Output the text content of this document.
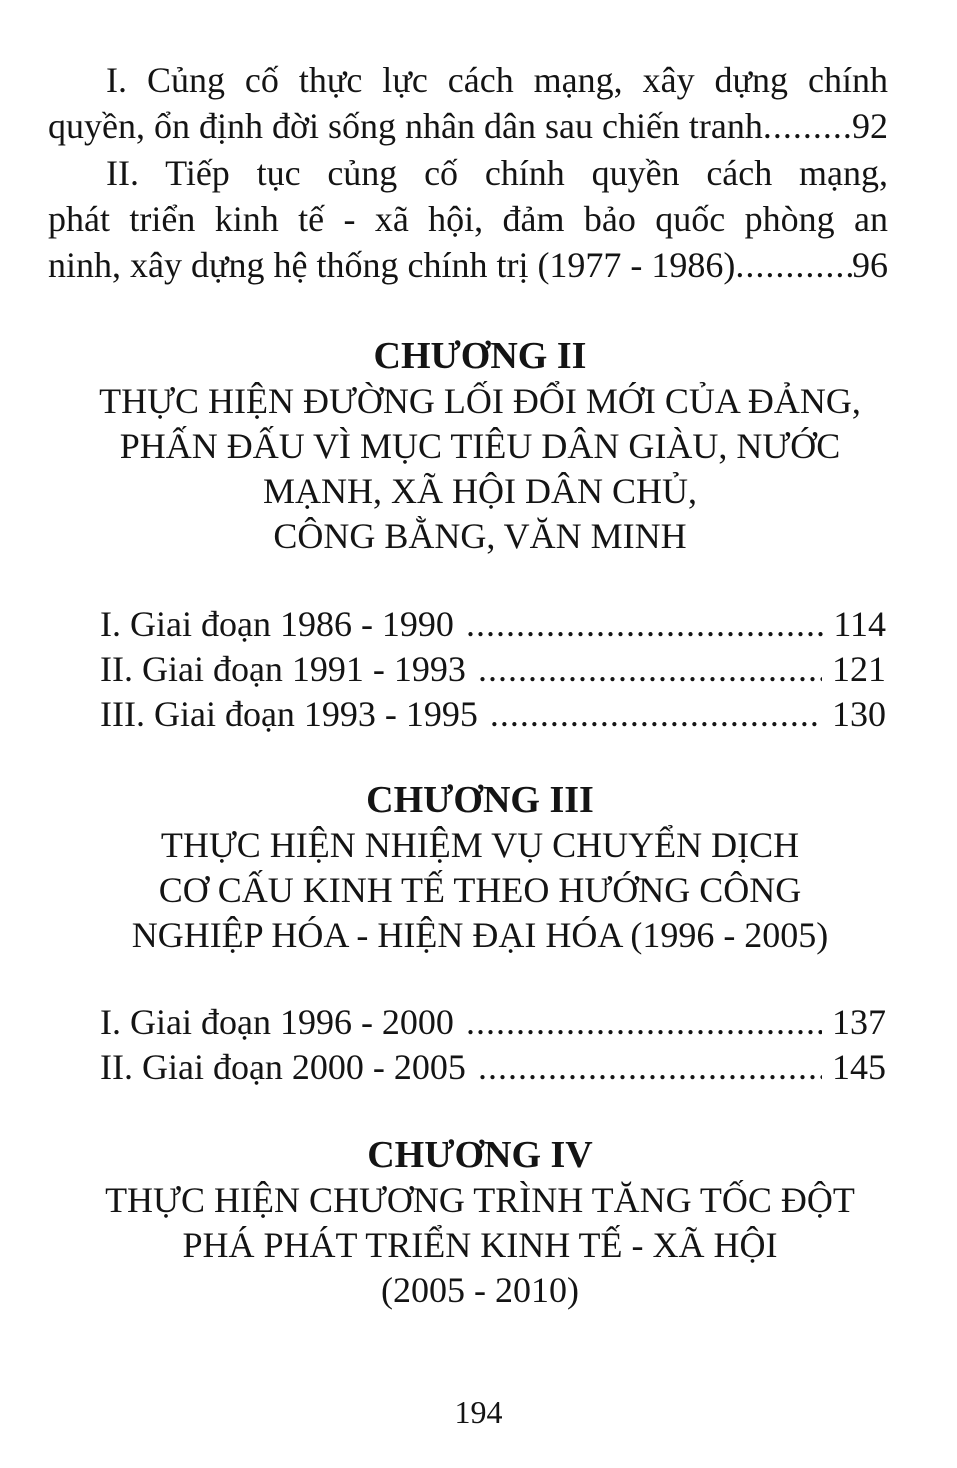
I. Củng cố thực lực cách mạng, xây dựng chính
quyền, ổn định đời sống nhân dân sau chiến tranh ..... 92
II. Tiếp tục củng cố chính quyền cách mạng,
phát triển kinh tế - xã hội, đảm bảo quốc phòng an
ninh, xây dựng hệ thống chính trị (1977 - 1986) .....	96
CHƯƠNG II
THỰC HIỆN ĐƯỜNG LỐI ĐỔI MỚI CỦA ĐẢNG,
PHẤN ĐẤU VÌ MỤC TIÊU DÂN GIÀU, NƯỚC
MẠNH, XÃ HỘI DÂN CHỦ,
CÔNG BẰNG, VĂN MINH
I. Giai đoạn 1986 - 1990 .....	114
II. Giai đoạn 1991 - 1993 .....	121
III. Giai đoạn 1993 - 1995 .....	130
CHƯƠNG III
THỰC HIỆN NHIỆM VỤ CHUYỂN DỊCH
CƠ CẤU KINH TẾ THEO HƯỚNG CÔNG
NGHIỆP HÓA - HIỆN ĐẠI HÓA (1996 - 2005)
I. Giai đoạn 1996 - 2000 .....	137
II. Giai đoạn 2000 - 2005 .....	145
CHƯƠNG IV
THỰC HIỆN CHƯƠNG TRÌNH TĂNG TỐC ĐỘT
PHÁ PHÁT TRIỂN KINH TẾ - XÃ HỘI
(2005 - 2010)
194
